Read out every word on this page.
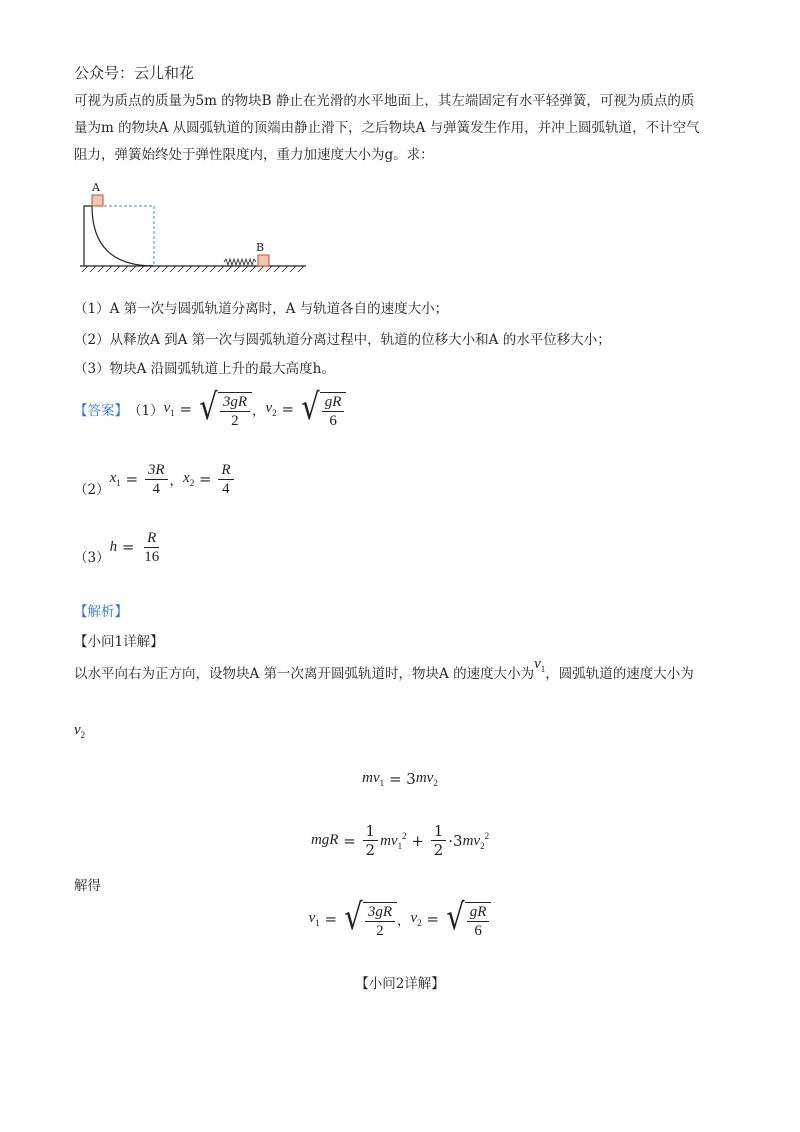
公众号：云儿和花
可视为质点的质量为5m 的物块B 静止在光滑的水平地面上，其左端固定有水平轻弹簧，可视为质点的质
量为m 的物块A 从圆弧轨道的顶端由静止滑下，之后物块A 与弹簧发生作用，并冲上圆弧轨道，不计空气
阻力，弹簧始终处于弹性限度内，重力加速度大小为g。求：
A
B
（1）A 第一次与圆弧轨道分离时，A 与轨道各自的速度大小；
（2）从释放A 到A 第一次与圆弧轨道分离过程中，轨道的位移大小和A 的水平位移大小；
（3）物块A 沿圆弧轨道上升的最大高度h。
【答案】 （1） $v_1$ = √ $\frac{3gR}{2}$ ， $v_2$ = √ $\frac{gR}{6}$
（2）
$x_1 = \frac{3R}{4}$ ， $x_2 = \frac{R}{4}$
（3）
$h = \frac{R}{16}$
【解析】
【小问1详解】
以水平向右为正方向，设物块A 第一次离开圆弧轨道时，物块A 的速度大小为
$v_1$ ，圆弧轨道的速度大小为
$v_2$
$mv_1 = 3$ $mv_2$
mgR = $\frac{1}{2} mv_1^2 + \frac{1}{2} \cdot 3$ $mv_2^2$
解得
$v_1$ = √ $\frac{3gR}{2}$ ， $v_2$ = √ $\frac{gR}{6}$
【小问2详解】
